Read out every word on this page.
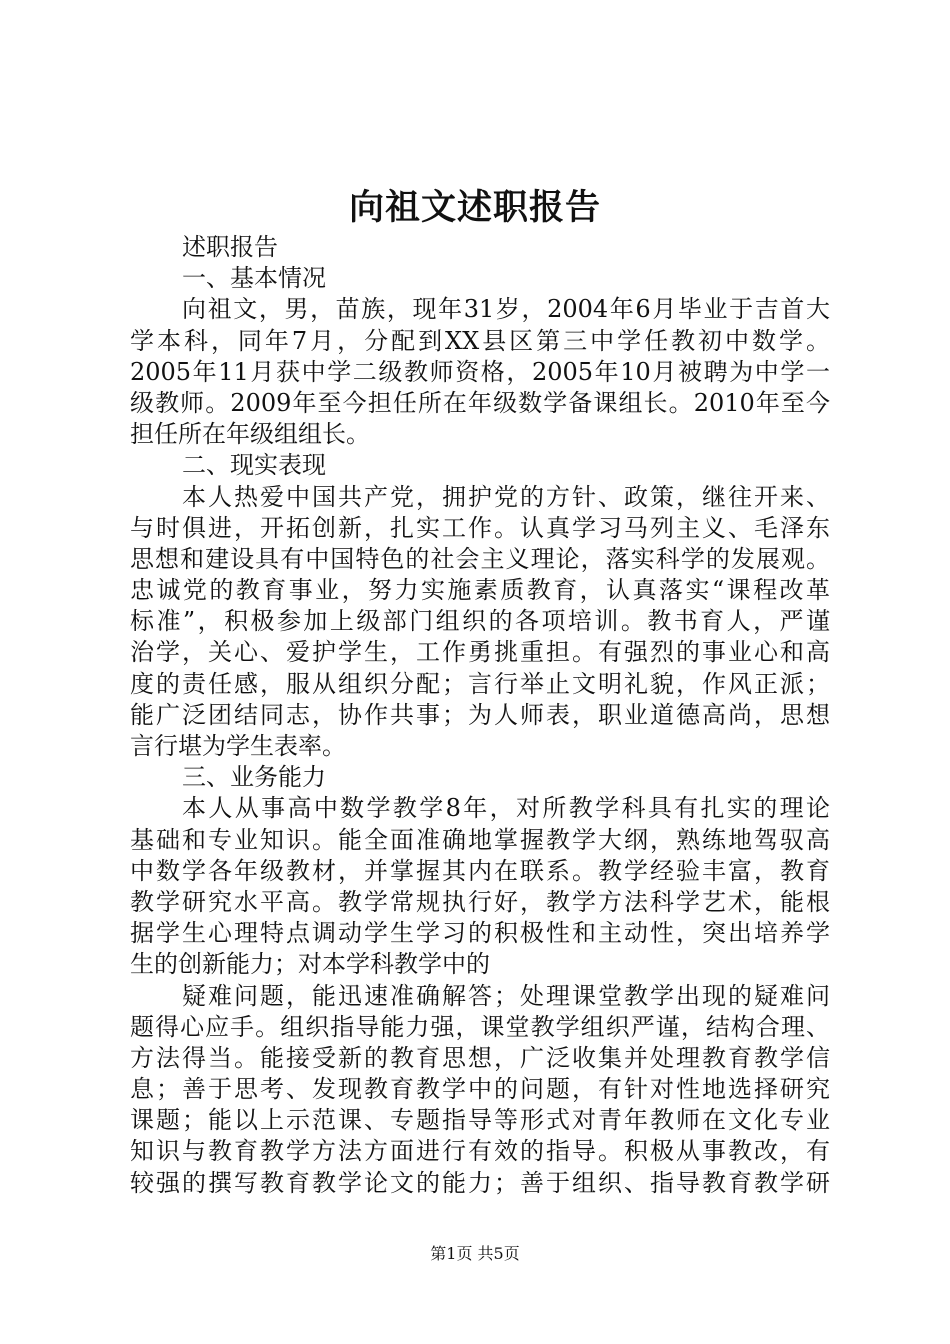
向祖文述职报告
述职报告
一、基本情况
向祖文，男，苗族，现年31岁，2004年6月毕业于吉首大
学本科，同年7月，分配到XX县区第三中学任教初中数学。
2005年11月获中学二级教师资格，2005年10月被聘为中学一
级教师。2009年至今担任所在年级数学备课组长。2010年至今
担任所在年级组组长。
二、现实表现
本人热爱中国共产党，拥护党的方针、政策，继往开来、
与时俱进，开拓创新，扎实工作。认真学习马列主义、毛泽东
思想和建设具有中国特色的社会主义理论，落实科学的发展观。
忠诚党的教育事业，努力实施素质教育，认真落实“课程改革
标准”，积极参加上级部门组织的各项培训。教书育人，严谨
治学，关心、爱护学生，工作勇挑重担。有强烈的事业心和高
度的责任感，服从组织分配；言行举止文明礼貌，作风正派；
能广泛团结同志，协作共事；为人师表，职业道德高尚，思想
言行堪为学生表率。
三、业务能力
本人从事高中数学教学8年，对所教学科具有扎实的理论
基础和专业知识。能全面准确地掌握教学大纲，熟练地驾驭高
中数学各年级教材，并掌握其内在联系。教学经验丰富，教育
教学研究水平高。教学常规执行好，教学方法科学艺术，能根
据学生心理特点调动学生学习的积极性和主动性，突出培养学
生的创新能力；对本学科教学中的
疑难问题，能迅速准确解答；处理课堂教学出现的疑难问
题得心应手。组织指导能力强，课堂教学组织严谨，结构合理、
方法得当。能接受新的教育思想，广泛收集并处理教育教学信
息；善于思考、发现教育教学中的问题，有针对性地选择研究
课题；能以上示范课、专题指导等形式对青年教师在文化专业
知识与教育教学方法方面进行有效的指导。积极从事教改，有
较强的撰写教育教学论文的能力；善于组织、指导教育教学研
第1页 共5页
